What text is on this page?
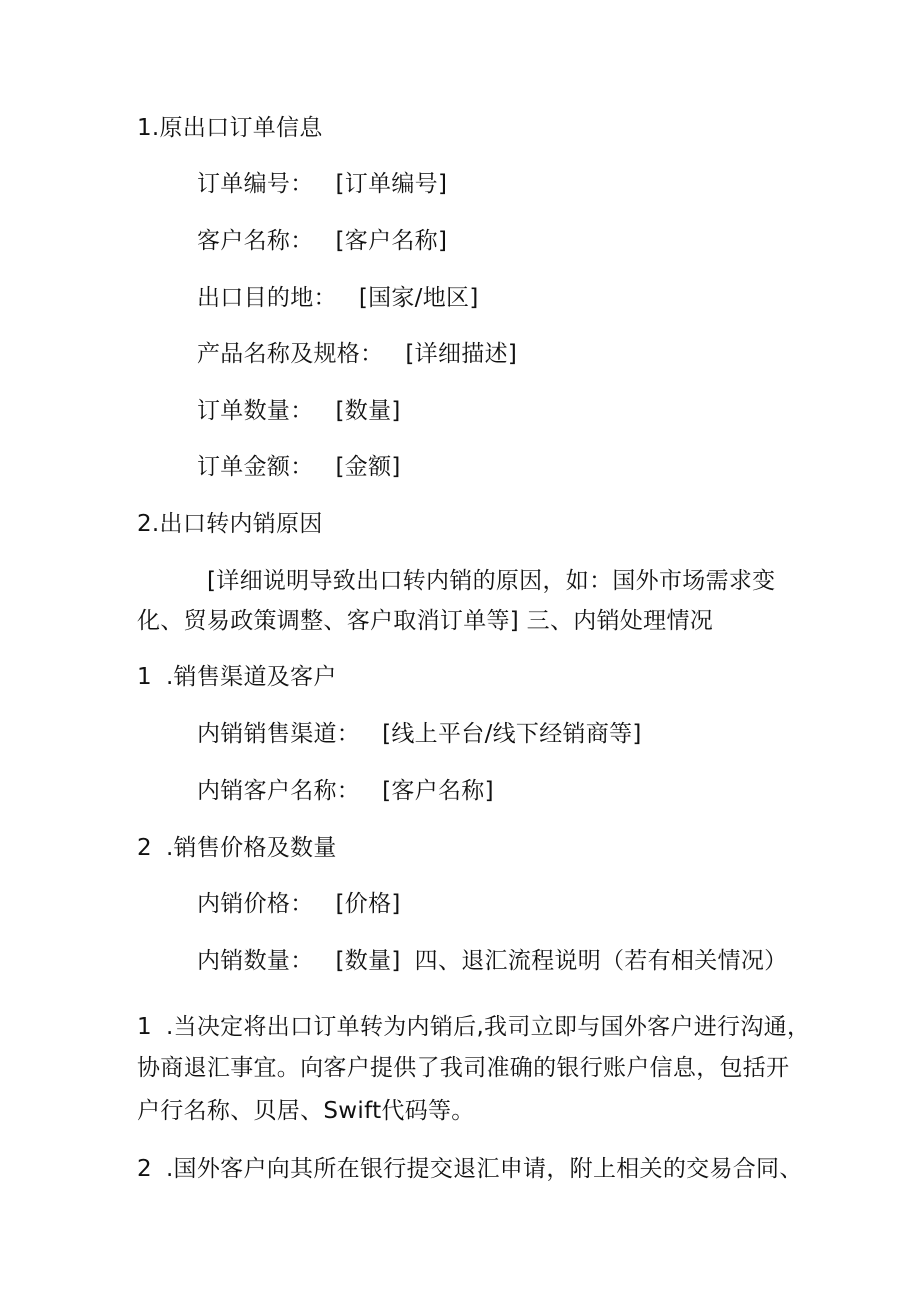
1.原出口订单信息
订单编号： [订单编号]
客户名称： [客户名称]
出口目的地： [国家/地区]
产品名称及规格： [详细描述]
订单数量： [数量]
订单金额： [金额]
2.出口转内销原因
[详细说明导致出口转内销的原因，如：国外市场需求变
化、贸易政策调整、客户取消订单等] 三、内销处理情况
1 .销售渠道及客户
内销销售渠道： [线上平台/线下经销商等]
内销客户名称： [客户名称]
2 .销售价格及数量
内销价格： [价格]
内销数量： [数量] 四、退汇流程说明（若有相关情况）
1 .当决定将出口订单转为内销后,我司立即与国外客户进行沟通，
协商退汇事宜。向客户提供了我司准确的银行账户信息，包括开
户行名称、贝居、Swift代码等。
2 .国外客户向其所在银行提交退汇申请，附上相关的交易合同、
